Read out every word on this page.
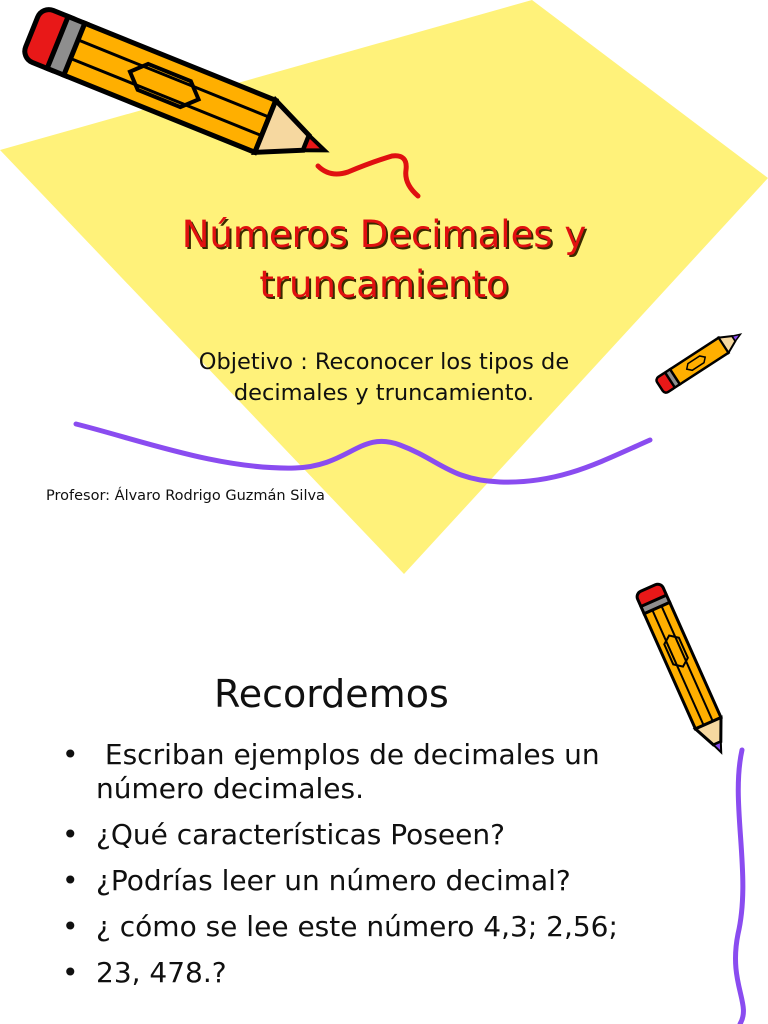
Números Decimales y
truncamiento

Objetivo : Reconocer los tipos de
decimales y truncamiento.

Profesor: Álvaro Rodrigo Guzmán Silva

Recordemos
• Escriban ejemplos de decimales un número decimales.
• ¿Qué características Poseen?
• ¿Podrías leer un número decimal?
• ¿ cómo se lee este número 4,3; 2,56;
• 23, 478.?
